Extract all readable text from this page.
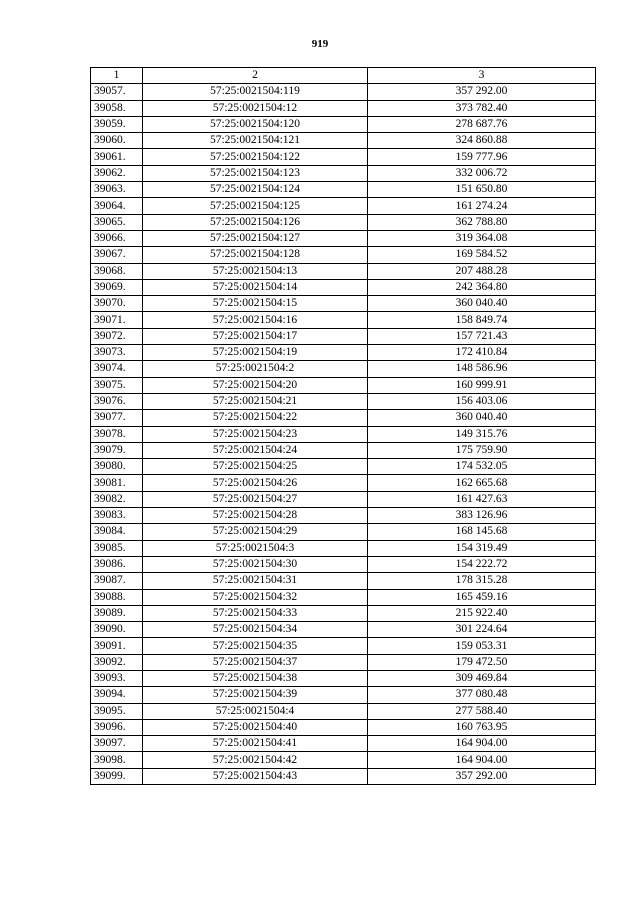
919
1	2	3
39057.	57:25:0021504:119	357 292.00
39058.	57:25:0021504:12	373 782.40
39059.	57:25:0021504:120	278 687.76
39060.	57:25:0021504:121	324 860.88
39061.	57:25:0021504:122	159 777.96
39062.	57:25:0021504:123	332 006.72
39063.	57:25:0021504:124	151 650.80
39064.	57:25:0021504:125	161 274.24
39065.	57:25:0021504:126	362 788.80
39066.	57:25:0021504:127	319 364.08
39067.	57:25:0021504:128	169 584.52
39068.	57:25:0021504:13	207 488.28
39069.	57:25:0021504:14	242 364.80
39070.	57:25:0021504:15	360 040.40
39071.	57:25:0021504:16	158 849.74
39072.	57:25:0021504:17	157 721.43
39073.	57:25:0021504:19	172 410.84
39074.	57:25:0021504:2	148 586.96
39075.	57:25:0021504:20	160 999.91
39076.	57:25:0021504:21	156 403.06
39077.	57:25:0021504:22	360 040.40
39078.	57:25:0021504:23	149 315.76
39079.	57:25:0021504:24	175 759.90
39080.	57:25:0021504:25	174 532.05
39081.	57:25:0021504:26	162 665.68
39082.	57:25:0021504:27	161 427.63
39083.	57:25:0021504:28	383 126.96
39084.	57:25:0021504:29	168 145.68
39085.	57:25:0021504:3	154 319.49
39086.	57:25:0021504:30	154 222.72
39087.	57:25:0021504:31	178 315.28
39088.	57:25:0021504:32	165 459.16
39089.	57:25:0021504:33	215 922.40
39090.	57:25:0021504:34	301 224.64
39091.	57:25:0021504:35	159 053.31
39092.	57:25:0021504:37	179 472.50
39093.	57:25:0021504:38	309 469.84
39094.	57:25:0021504:39	377 080.48
39095.	57:25:0021504:4	277 588.40
39096.	57:25:0021504:40	160 763.95
39097.	57:25:0021504:41	164 904.00
39098.	57:25:0021504:42	164 904.00
39099.	57:25:0021504:43	357 292.00
